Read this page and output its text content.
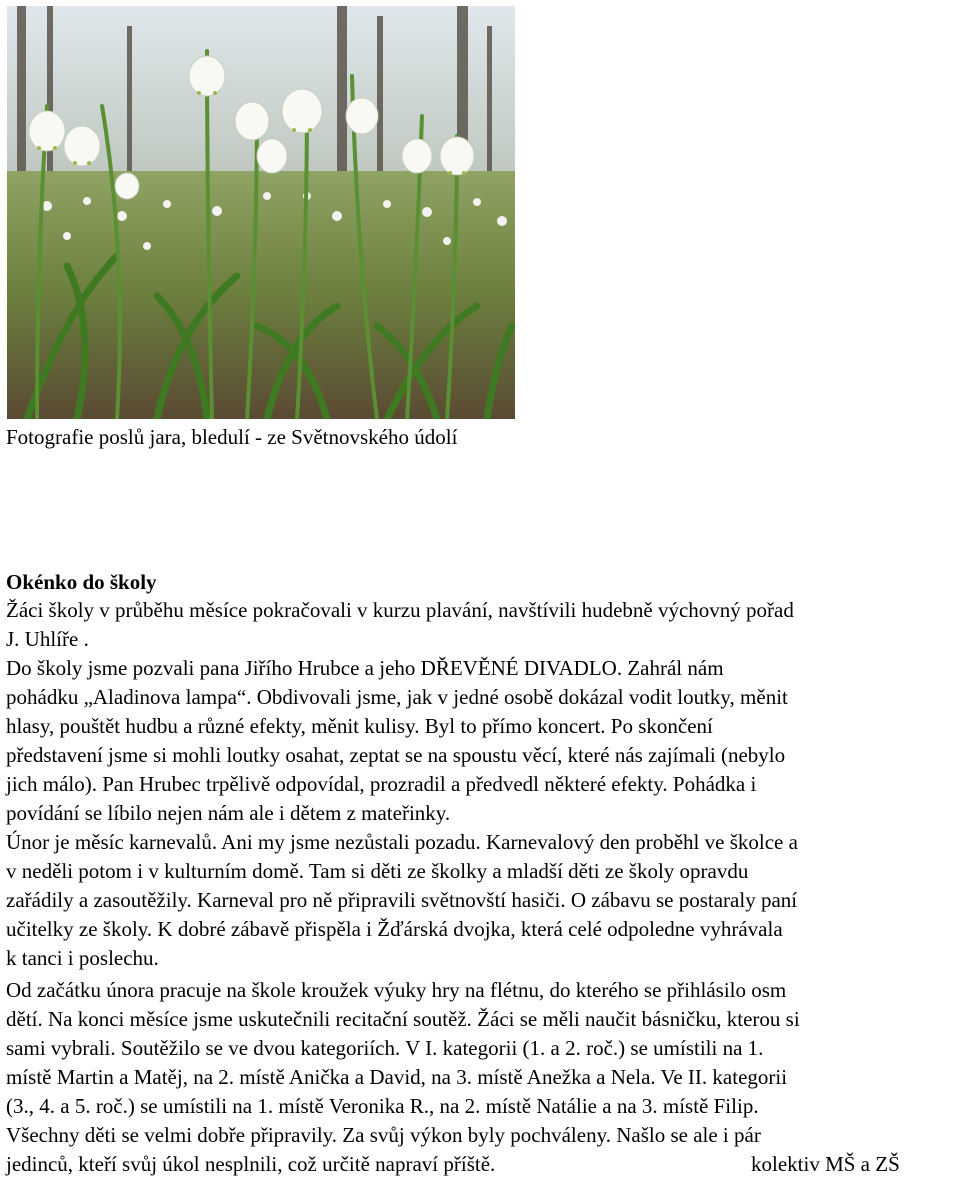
Fotografie poslů jara, bledulí - ze Světnovského údolí
Okénko do školy
Žáci školy v průběhu měsíce pokračovali v kurzu plavání, navštívili hudebně výchovný pořad
J. Uhlíře .
Do školy jsme pozvali pana Jiřího Hrubce a jeho DŘEVĚNÉ DIVADLO. Zahrál nám
pohádku „Aladinova lampa“. Obdivovali jsme, jak v jedné osobě dokázal vodit loutky, měnit
hlasy, pouštět hudbu a různé efekty, měnit kulisy. Byl to přímo koncert. Po skončení
představení jsme si mohli loutky osahat, zeptat se na spoustu věcí, které nás zajímali (nebylo
jich málo). Pan Hrubec trpělivě odpovídal, prozradil a předvedl některé efekty. Pohádka i
povídání se líbilo nejen nám ale i dětem z mateřinky.
Únor je měsíc karnevalů. Ani my jsme nezůstali pozadu. Karnevalový den proběhl ve školce a
v neděli potom i v kulturním domě. Tam si děti ze školky a mladší děti ze školy opravdu
zařádily a zasoutěžily. Karneval pro ně připravili světnovští hasiči. O zábavu se postaraly paní
učitelky ze školy. K dobré zábavě přispěla i Žďárská dvojka, která celé odpoledne vyhrávala
k tanci i poslechu.
Od začátku února pracuje na škole kroužek výuky hry na flétnu, do kterého se přihlásilo osm
dětí. Na konci měsíce jsme uskutečnili recitační soutěž. Žáci se měli naučit básničku, kterou si
sami vybrali. Soutěžilo se ve dvou kategoriích. V I. kategorii (1. a 2. roč.) se umístili na 1.
místě Martin a Matěj, na 2. místě Anička a David, na 3. místě Anežka a Nela. Ve II. kategorii
(3., 4. a 5. roč.) se umístili na 1. místě Veronika R., na 2. místě Natálie a na 3. místě Filip.
Všechny děti se velmi dobře připravily. Za svůj výkon byly pochváleny. Našlo se ale i pár
jedinců, kteří svůj úkol nesplnili, což určitě napraví příště.	kolektiv MŠ a ZŠ
